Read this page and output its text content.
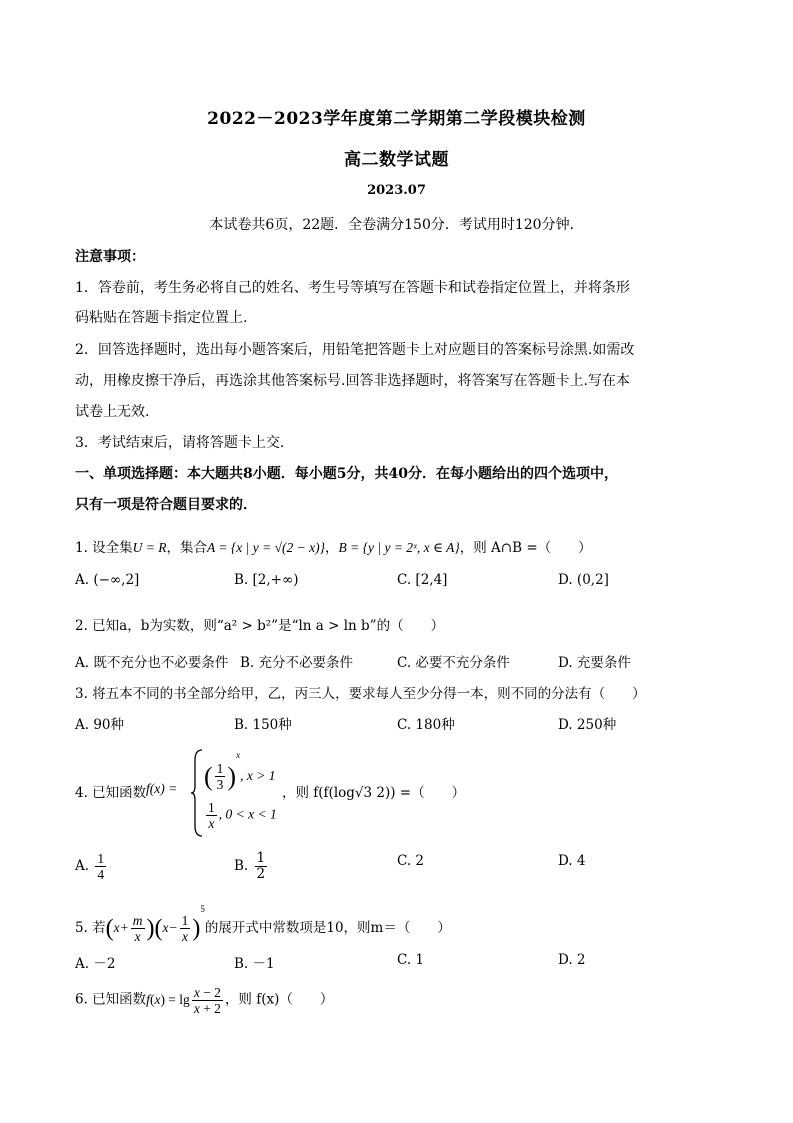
2022－2023学年度第二学期第二学段模块检测
高二数学试题
2023.07
本试卷共6页，22题．全卷满分150分．考试用时120分钟．
注意事项：
1．答卷前，考生务必将自己的姓名、考生号等填写在答题卡和试卷指定位置上，并将条形
码粘贴在答题卡指定位置上.
2．回答选择题时，选出每小题答案后，用铅笔把答题卡上对应题目的答案标号涂黑.如需改
动，用橡皮擦干净后，再选涂其他答案标号.回答非选择题时，将答案写在答题卡上.写在本
试卷上无效.
3．考试结束后，请将答题卡上交.
一、单项选择题：本大题共8小题．每小题5分，共40分．在每小题给出的四个选项中，
只有一项是符合题目要求的．
1. 设全集U = R，集合A = {x | y = √(2 − x)}，B = {y | y = 2ˣ, x ∈ A}，则 A∩B =（　　）
A. (−∞,2]	B. [2,+∞)	C. [2,4]	D. (0,2]
2. 已知a，b为实数，则“a² > b²”是“ln a > ln b”的（　　）
A. 既不充分也不必要条件 B. 充分不必要条件	C. 必要不充分条件	D. 充要条件
3. 将五本不同的书全部分给甲，乙，丙三人，要求每人至少分得一本，则不同的分法有（　　）
A. 90种	B. 150种	C. 180种	D. 250种
4. 已知函数 f(x) = ( $\frac{1}{3} )^x$, x > 1
$\frac{1}{x}$ , 0 < x < 1
，则 f(f(log√3 2)) =（　　）
A. $\frac{1}{4}$	B. $\frac{1}{2}$	C. 2	D. 4
5. 若$(x+ \frac{m}{x} )(x- \frac{1}{x} )^5$的展开式中常数项是10，则m＝（　　）
A. －2	B. －1	C. 1	D. 2
6. 已知函数$f(x) = \lg \frac{x - 2}{x + 2}$ ，则 f(x)（　　）
